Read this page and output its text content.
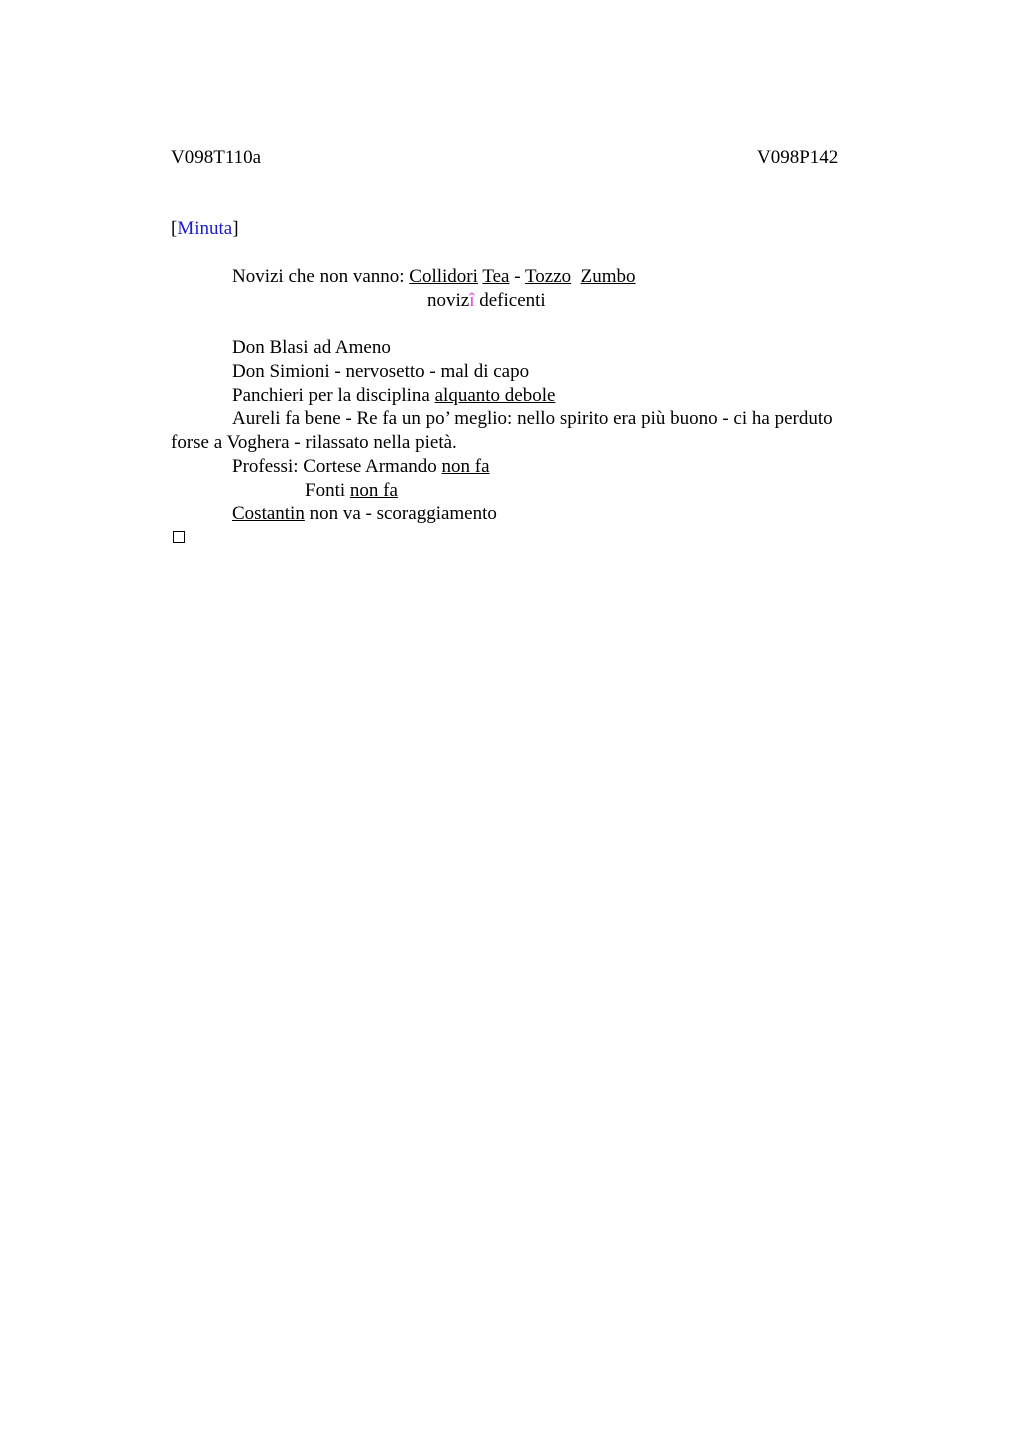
V098T110a	V098P142
[Minuta]
Novizi che non vanno: Collidori Tea - Tozzo Zumbo
novizî deficenti
Don Blasi ad Ameno
Don Simioni - nervosetto - mal di capo
Panchieri per la disciplina alquanto debole
Aureli fa bene - Re fa un po’ meglio: nello spirito era più buono - ci ha perduto
forse a Voghera - rilassato nella pietà.
Professi: Cortese Armando non fa
Fonti non fa
Costantin non va - scoraggiamento
